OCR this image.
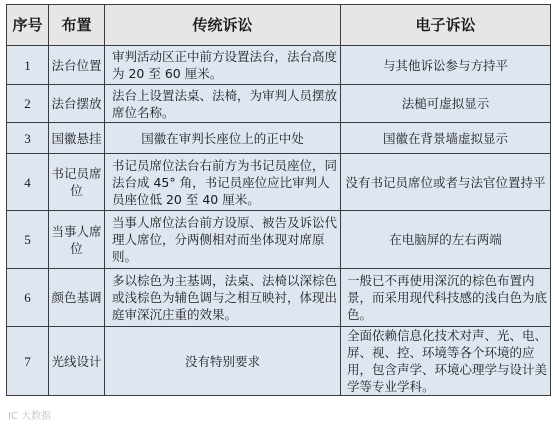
序号	布置	传统诉讼	电子诉讼
1	法台位置	审判活动区正中前方设置法台，法台高度为 20 至 60 厘米。	与其他诉讼参与方持平
2	法台摆放	法台上设置法桌、法椅，为审判人员摆放席位名称。	法槌可虚拟显示
3	国徽悬挂	国徽在审判长座位上的正中处	国徽在背景墙虚拟显示
4	书记员席位	书记员席位法台右前方为书记员座位，同法台成 45° 角，书记员座位应比审判人员座位低 20 至 40 厘米。	没有书记员席位或者与法官位置持平
5	当事人席位	当事人席位法台前方设原、被告及诉讼代理人席位，分两侧相对而坐体现对席原则。	在电脑屏的左右两端
6	颜色基调	多以棕色为主基调，法桌、法椅以深棕色或浅棕色为辅色调与之相互映衬，体现出庭审深沉庄重的效果。	一般已不再使用深沉的棕色布置内景，而采用现代科技感的浅白色为底色。
7	光线设计	没有特别要求	全面依赖信息化技术对声、光、电、屏、视、控、环境等各个环境的应用，包含声学、环境心理学与设计美学等专业学科。
IC 大数据
